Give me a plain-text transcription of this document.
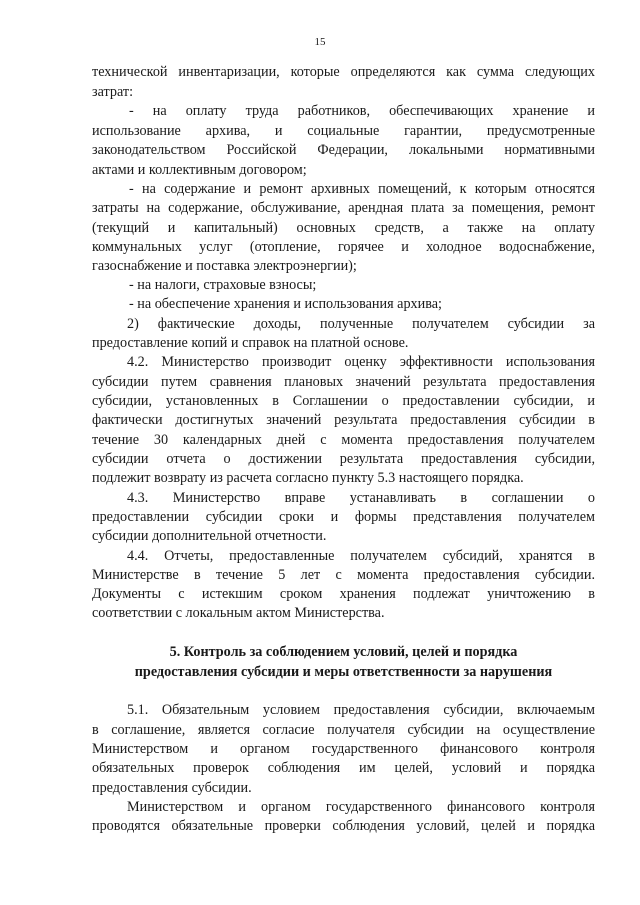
15
технической инвентаризации, которые определяются как сумма следующих
затрат:
- на оплату труда работников, обеспечивающих хранение и
использование архива, и социальные гарантии, предусмотренные
законодательством Российской Федерации, локальными нормативными
актами и коллективным договором;
- на содержание и ремонт архивных помещений, к которым относятся
затраты на содержание, обслуживание, арендная плата за помещения, ремонт
(текущий и капитальный) основных средств, а также на оплату
коммунальных услуг (отопление, горячее и холодное водоснабжение,
газоснабжение и поставка электроэнергии);
- на налоги, страховые взносы;
- на обеспечение хранения и использования архива;
2) фактические доходы, полученные получателем субсидии за
предоставление копий и справок на платной основе.
4.2. Министерство производит оценку эффективности использования
субсидии путем сравнения плановых значений результата предоставления
субсидии, установленных в Соглашении о предоставлении субсидии, и
фактически достигнутых значений результата предоставления субсидии в
течение 30 календарных дней с момента предоставления получателем
субсидии отчета о достижении результата предоставления субсидии,
подлежит возврату из расчета согласно пункту 5.3 настоящего порядка.
4.3. Министерство вправе устанавливать в соглашении о
предоставлении субсидии сроки и формы представления получателем
субсидии дополнительной отчетности.
4.4. Отчеты, предоставленные получателем субсидий, хранятся в
Министерстве в течение 5 лет с момента предоставления субсидии.
Документы с истекшим сроком хранения подлежат уничтожению в
соответствии с локальным актом Министерства.
5. Контроль за соблюдением условий, целей и порядка
предоставления субсидии и меры ответственности за нарушения
5.1. Обязательным условием предоставления субсидии, включаемым
в соглашение, является согласие получателя субсидии на осуществление
Министерством и органом государственного финансового контроля
обязательных проверок соблюдения им целей, условий и порядка
предоставления субсидии.
Министерством и органом государственного финансового контроля
проводятся обязательные проверки соблюдения условий, целей и порядка
